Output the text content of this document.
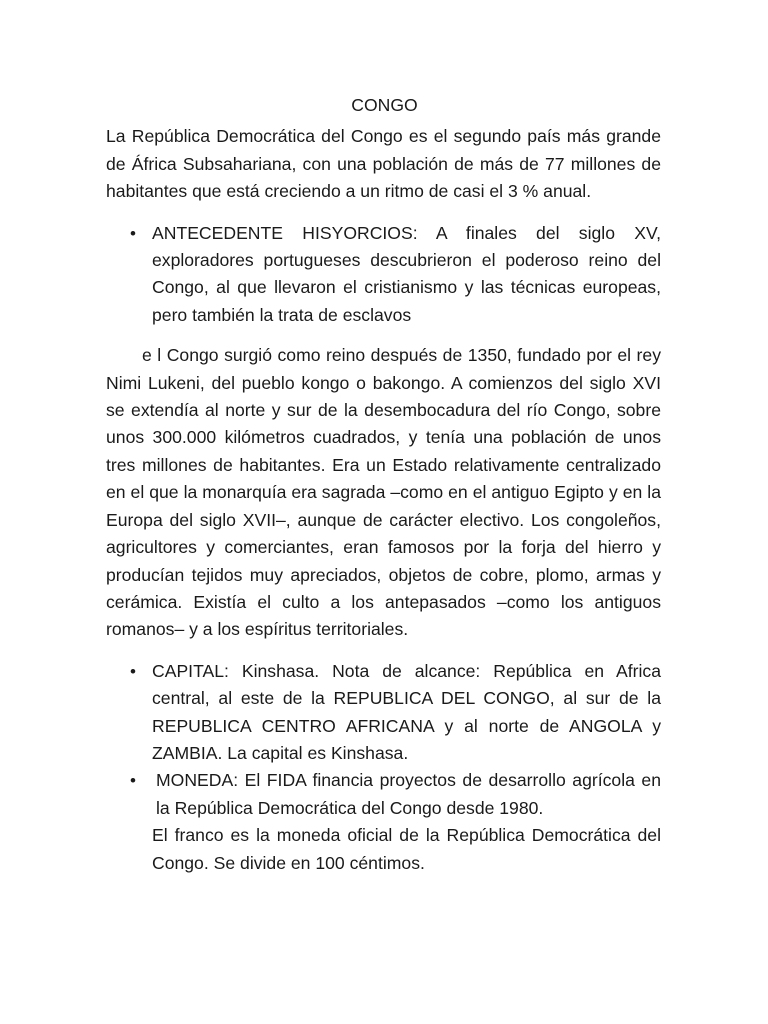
CONGO

La República Democrática del Congo es el segundo país más grande de África Subsahariana, con una población de más de 77 millones de habitantes que está creciendo a un ritmo de casi el 3 % anual.

• ANTECEDENTE HISYORCIOS: A finales del siglo XV, exploradores portugueses descubrieron el poderoso reino del Congo, al que llevaron el cristianismo y las técnicas europeas, pero también la trata de esclavos

e l Congo surgió como reino después de 1350, fundado por el rey Nimi Lukeni, del pueblo kongo o bakongo. A comienzos del siglo XVI se extendía al norte y sur de la desembocadura del río Congo, sobre unos 300.000 kilómetros cuadrados, y tenía una población de unos tres millones de habitantes. Era un Estado relativamente centralizado en el que la monarquía era sagrada –como en el antiguo Egipto y en la Europa del siglo XVII–, aunque de carácter electivo. Los congoleños, agricultores y comerciantes, eran famosos por la forja del hierro y producían tejidos muy apreciados, objetos de cobre, plomo, armas y cerámica. Existía el culto a los antepasados –como los antiguos romanos– y a los espíritus territoriales.

• CAPITAL: Kinshasa. Nota de alcance: República en Africa central, al este de la REPUBLICA DEL CONGO, al sur de la REPUBLICA CENTRO AFRICANA y al norte de ANGOLA y ZAMBIA. La capital es Kinshasa.
• MONEDA: El FIDA financia proyectos de desarrollo agrícola en la República Democrática del Congo desde 1980.
El franco es la moneda oficial de la República Democrática del Congo. Se divide en 100 céntimos.
